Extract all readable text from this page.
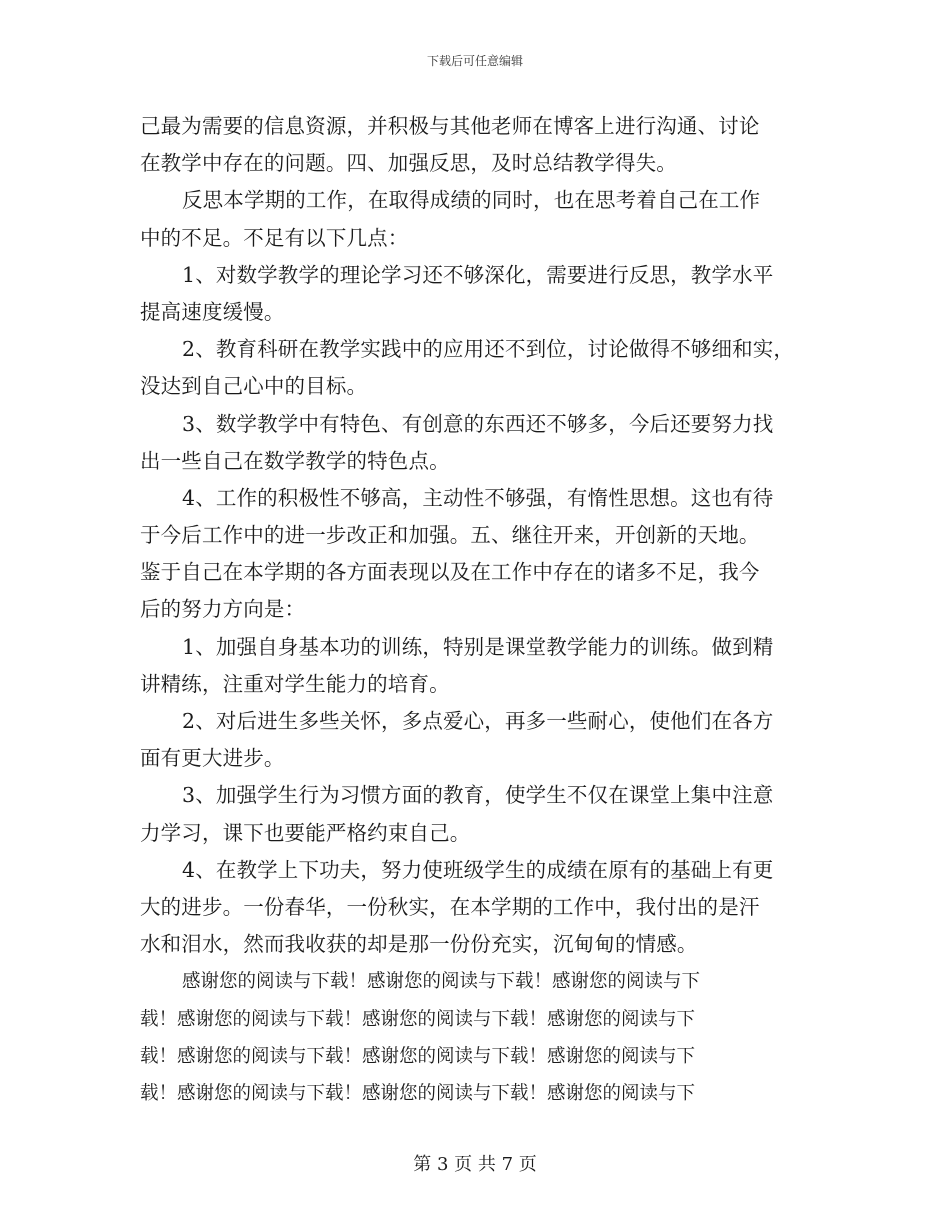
下载后可任意编辑
己最为需要的信息资源，并积极与其他老师在博客上进行沟通、讨论
在教学中存在的问题。四、加强反思，及时总结教学得失。
反思本学期的工作，在取得成绩的同时，也在思考着自己在工作
中的不足。不足有以下几点：
1、对数学教学的理论学习还不够深化，需要进行反思，教学水平
提高速度缓慢。
2、教育科研在教学实践中的应用还不到位，讨论做得不够细和实，
没达到自己心中的目标。
3、数学教学中有特色、有创意的东西还不够多，今后还要努力找
出一些自己在数学教学的特色点。
4、工作的积极性不够高，主动性不够强，有惰性思想。这也有待
于今后工作中的进一步改正和加强。五、继往开来，开创新的天地。
鉴于自己在本学期的各方面表现以及在工作中存在的诸多不足，我今
后的努力方向是：
1、加强自身基本功的训练，特别是课堂教学能力的训练。做到精
讲精练，注重对学生能力的培育。
2、对后进生多些关怀，多点爱心，再多一些耐心，使他们在各方
面有更大进步。
3、加强学生行为习惯方面的教育，使学生不仅在课堂上集中注意
力学习，课下也要能严格约束自己。
4、在教学上下功夫，努力使班级学生的成绩在原有的基础上有更
大的进步。一份春华，一份秋实，在本学期的工作中，我付出的是汗
水和泪水，然而我收获的却是那一份份充实，沉甸甸的情感。
感谢您的阅读与下载！感谢您的阅读与下载！感谢您的阅读与下
载！感谢您的阅读与下载！感谢您的阅读与下载！感谢您的阅读与下
载！感谢您的阅读与下载！感谢您的阅读与下载！感谢您的阅读与下
载！感谢您的阅读与下载！感谢您的阅读与下载！感谢您的阅读与下
第 3 页 共 7 页
